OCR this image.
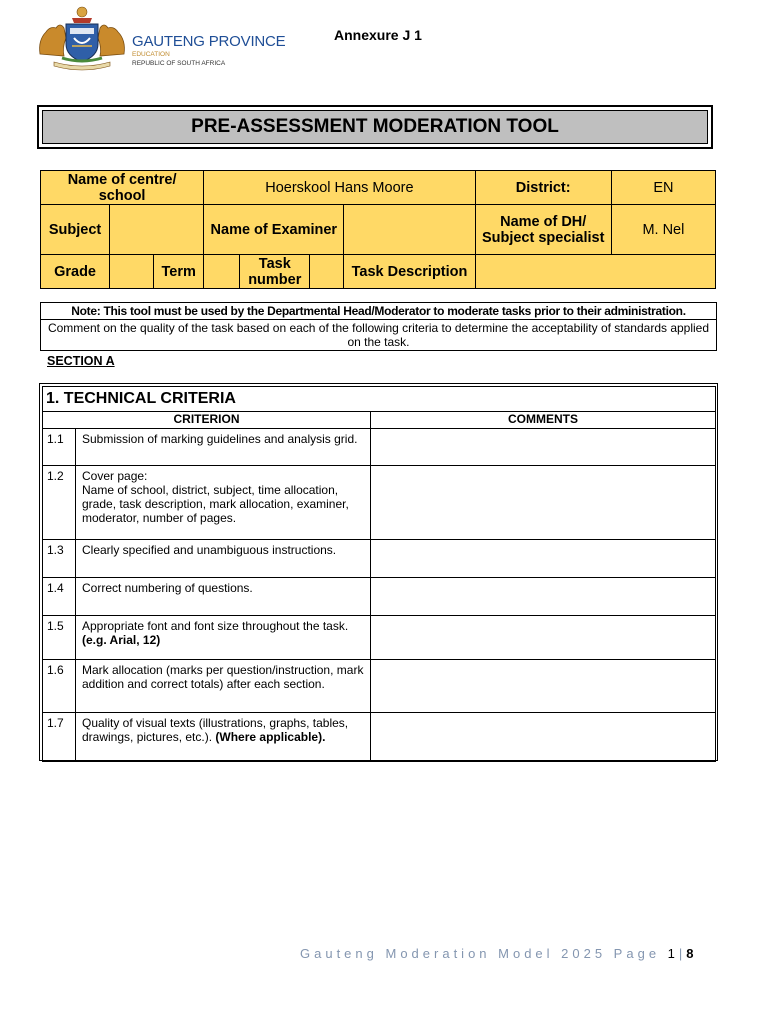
GAUTENG PROVINCE
EDUCATION
REPUBLIC OF SOUTH AFRICA
Annexure J 1
PRE-ASSESSMENT MODERATION TOOL
Name of centre/ school			Hoerskool Hans Moore				District:	EN
Subject			Name of Examiner				Name of DH/ Subject specialist	M. Nel
Grade		Term		Task number		Task Description		
Note: This tool must be used by the Departmental Head/Moderator to moderate tasks prior to their administration.
Comment on the quality of the task based on each of the following criteria to determine the acceptability of standards applied on the task.
SECTION A
1. TECHNICAL CRITERIA		
CRITERION		COMMENTS
1.1	Submission of marking guidelines and analysis grid.	
1.2	Cover page:
Name of school, district, subject, time allocation, grade, task description, mark allocation, examiner, moderator, number of pages.	
1.3	Clearly specified and unambiguous instructions.	
1.4	Correct numbering of questions.	
1.5	Appropriate font and font size throughout the task. (e.g. Arial, 12)	
1.6	Mark allocation (marks per question/instruction, mark addition and correct totals) after each section.	
1.7	Quality of visual texts (illustrations, graphs, tables, drawings, pictures, etc.). (Where applicable).	
Gauteng Moderation Model 2025 Page 1 | 8
